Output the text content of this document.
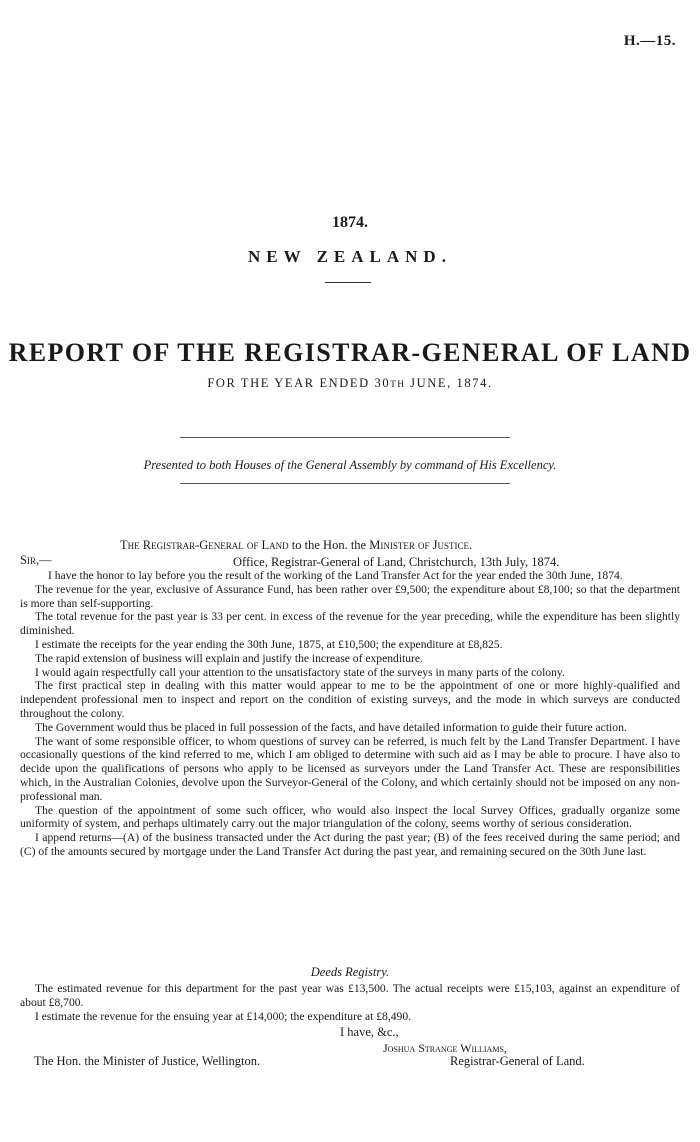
H.—15.
1874.
NEW ZEALAND.
REPORT OF THE REGISTRAR-GENERAL OF LAND
FOR THE YEAR ENDED 30TH JUNE, 1874.
Presented to both Houses of the General Assembly by command of His Excellency.
The Registrar-General of Land to the Hon. the Minister of Justice.
Sir,—	Office, Registrar-General of Land, Christchurch, 13th July, 1874.

I have the honor to lay before you the result of the working of the Land Transfer Act for the year ended the 30th June, 1874.

The revenue for the year, exclusive of Assurance Fund, has been rather over £9,500; the expenditure about £8,100; so that the department is more than self-supporting.

The total revenue for the past year is 33 per cent. in excess of the revenue for the year preceding, while the expenditure has been slightly diminished.

I estimate the receipts for the year ending the 30th June, 1875, at £10,500; the expenditure at £8,825.

The rapid extension of business will explain and justify the increase of expenditure.

I would again respectfully call your attention to the unsatisfactory state of the surveys in many parts of the colony.

The first practical step in dealing with this matter would appear to me to be the appointment of one or more highly-qualified and independent professional men to inspect and report on the condition of existing surveys, and the mode in which surveys are conducted throughout the colony.

The Government would thus be placed in full possession of the facts, and have detailed information to guide their future action.

The want of some responsible officer, to whom questions of survey can be referred, is much felt by the Land Transfer Department. I have occasionally questions of the kind referred to me, which I am obliged to determine with such aid as I may be able to procure. I have also to decide upon the qualifications of persons who apply to be licensed as surveyors under the Land Transfer Act. These are responsibilities which, in the Australian Colonies, devolve upon the Surveyor-General of the Colony, and which certainly should not be imposed on any non-professional man.

The question of the appointment of some such officer, who would also inspect the local Survey Offices, gradually organize some uniformity of system, and perhaps ultimately carry out the major triangulation of the colony, seems worthy of serious consideration.

I append returns—(A) of the business transacted under the Act during the past year; (B) of the fees received during the same period; and (C) of the amounts secured by mortgage under the Land Transfer Act during the past year, and remaining secured on the 30th June last.

Deeds Registry.

The estimated revenue for this department for the past year was £13,500. The actual receipts were £15,103, against an expenditure of about £8,700.

I estimate the revenue for the ensuing year at £14,000; the expenditure at £8,490.

I have, &c.,
Joshua Strange Williams,
Registrar-General of Land.
The Hon. the Minister of Justice, Wellington.
